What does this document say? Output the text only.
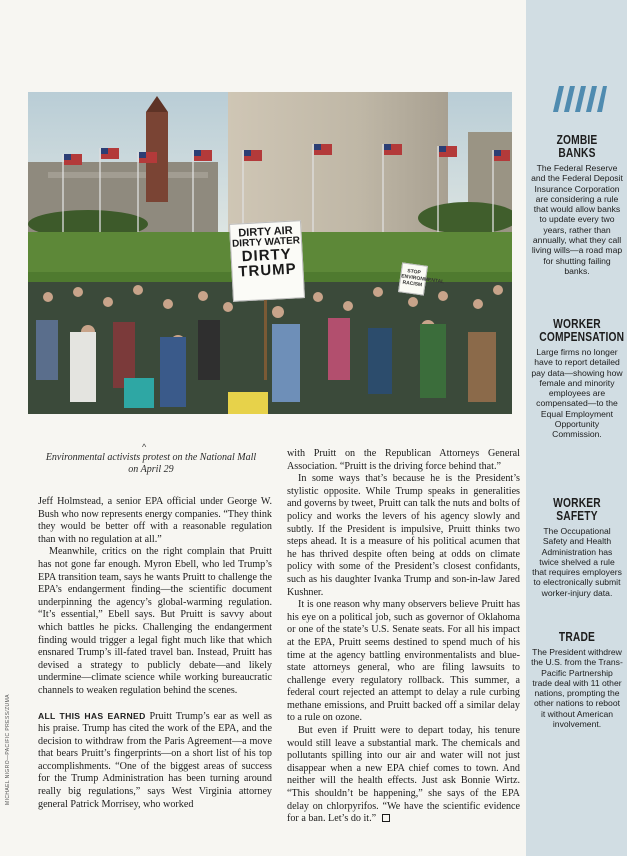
DIRTY AIR
DIRTY WATER
DIRTY
TRUMP	STOP ENVIRONMENTAL RACISM
^
Environmental activists protest on the National Mall on April 29
MICHAEL NIGRO—PACIFIC PRESS/ZUMA

Jeff Holmstead, a senior EPA official under George W. Bush who now represents energy companies. “They think they would be better off with a reasonable regulation than with no regulation at all.”

Meanwhile, critics on the right complain that Pruitt has not gone far enough. Myron Ebell, who led Trump’s EPA transition team, says he wants Pruitt to challenge the EPA’s endangerment finding—the scientific document underpinning the agency’s global-warming regulation. “It’s essential,” Ebell says. But Pruitt is savvy about which battles he picks. Challenging the endangerment finding would trigger a legal fight much like that which ensnared Trump’s ill-fated travel ban. Instead, Pruitt has devised a strategy to publicly debate—and likely undermine—climate science while working bureaucratic channels to weaken regulation behind the scenes.

ALL THIS HAS EARNED Pruitt Trump’s ear as well as his praise. Trump has cited the work of the EPA, and the decision to withdraw from the Paris Agreement—a move that bears Pruitt’s fingerprints—on a short list of his top accomplishments. “One of the biggest areas of success for the Trump Administration has been turning around really big regulations,” says West Virginia attorney general Patrick Morrisey, who worked

with Pruitt on the Republican Attorneys General Association. “Pruitt is the driving force behind that.”

In some ways that’s because he is the President’s stylistic opposite. While Trump speaks in generalities and governs by tweet, Pruitt can talk the nuts and bolts of policy and works the levers of his agency slowly and subtly. If the President is impulsive, Pruitt thinks two steps ahead. It is a measure of his political acumen that he has thrived despite often being at odds on climate policy with some of the President’s closest confidants, such as his daughter Ivanka Trump and son-in-law Jared Kushner.

It is one reason why many observers believe Pruitt has his eye on a political job, such as governor of Oklahoma or one of the state’s U.S. Senate seats. For all his impact at the EPA, Pruitt seems destined to spend much of his time at the agency battling environmentalists and blue-state attorneys general, who are filing lawsuits to challenge every regulatory rollback. This summer, a federal court rejected an attempt to delay a rule curbing methane emissions, and Pruitt backed off a similar delay to a rule on ozone.

But even if Pruitt were to depart today, his tenure would still leave a substantial mark. The chemicals and pollutants spilling into our air and water will not just disappear when a new EPA chief comes to town. And neither will the health effects. Just ask Bonnie Wirtz. “This shouldn’t be happening,” she says of the EPA delay on chlorpyrifos. “We have the scientific evidence for a ban. Let’s do it.”

ZOMBIE BANKS

The Federal Reserve and the Federal Deposit Insurance Corporation are considering a rule that would allow banks to update every two years, rather than annually, what they call living wills—a road map for shutting failing banks.

WORKER COMPENSATION

Large firms no longer have to report detailed pay data—showing how female and minority employees are compensated—to the Equal Employment Opportunity Commission.

WORKER SAFETY

The Occupational Safety and Health Administration has twice shelved a rule that requires employers to electronically submit worker-injury data.

TRADE

The President withdrew the U.S. from the Trans-Pacific Partnership trade deal with 11 other nations, prompting the other nations to reboot it without American involvement.
